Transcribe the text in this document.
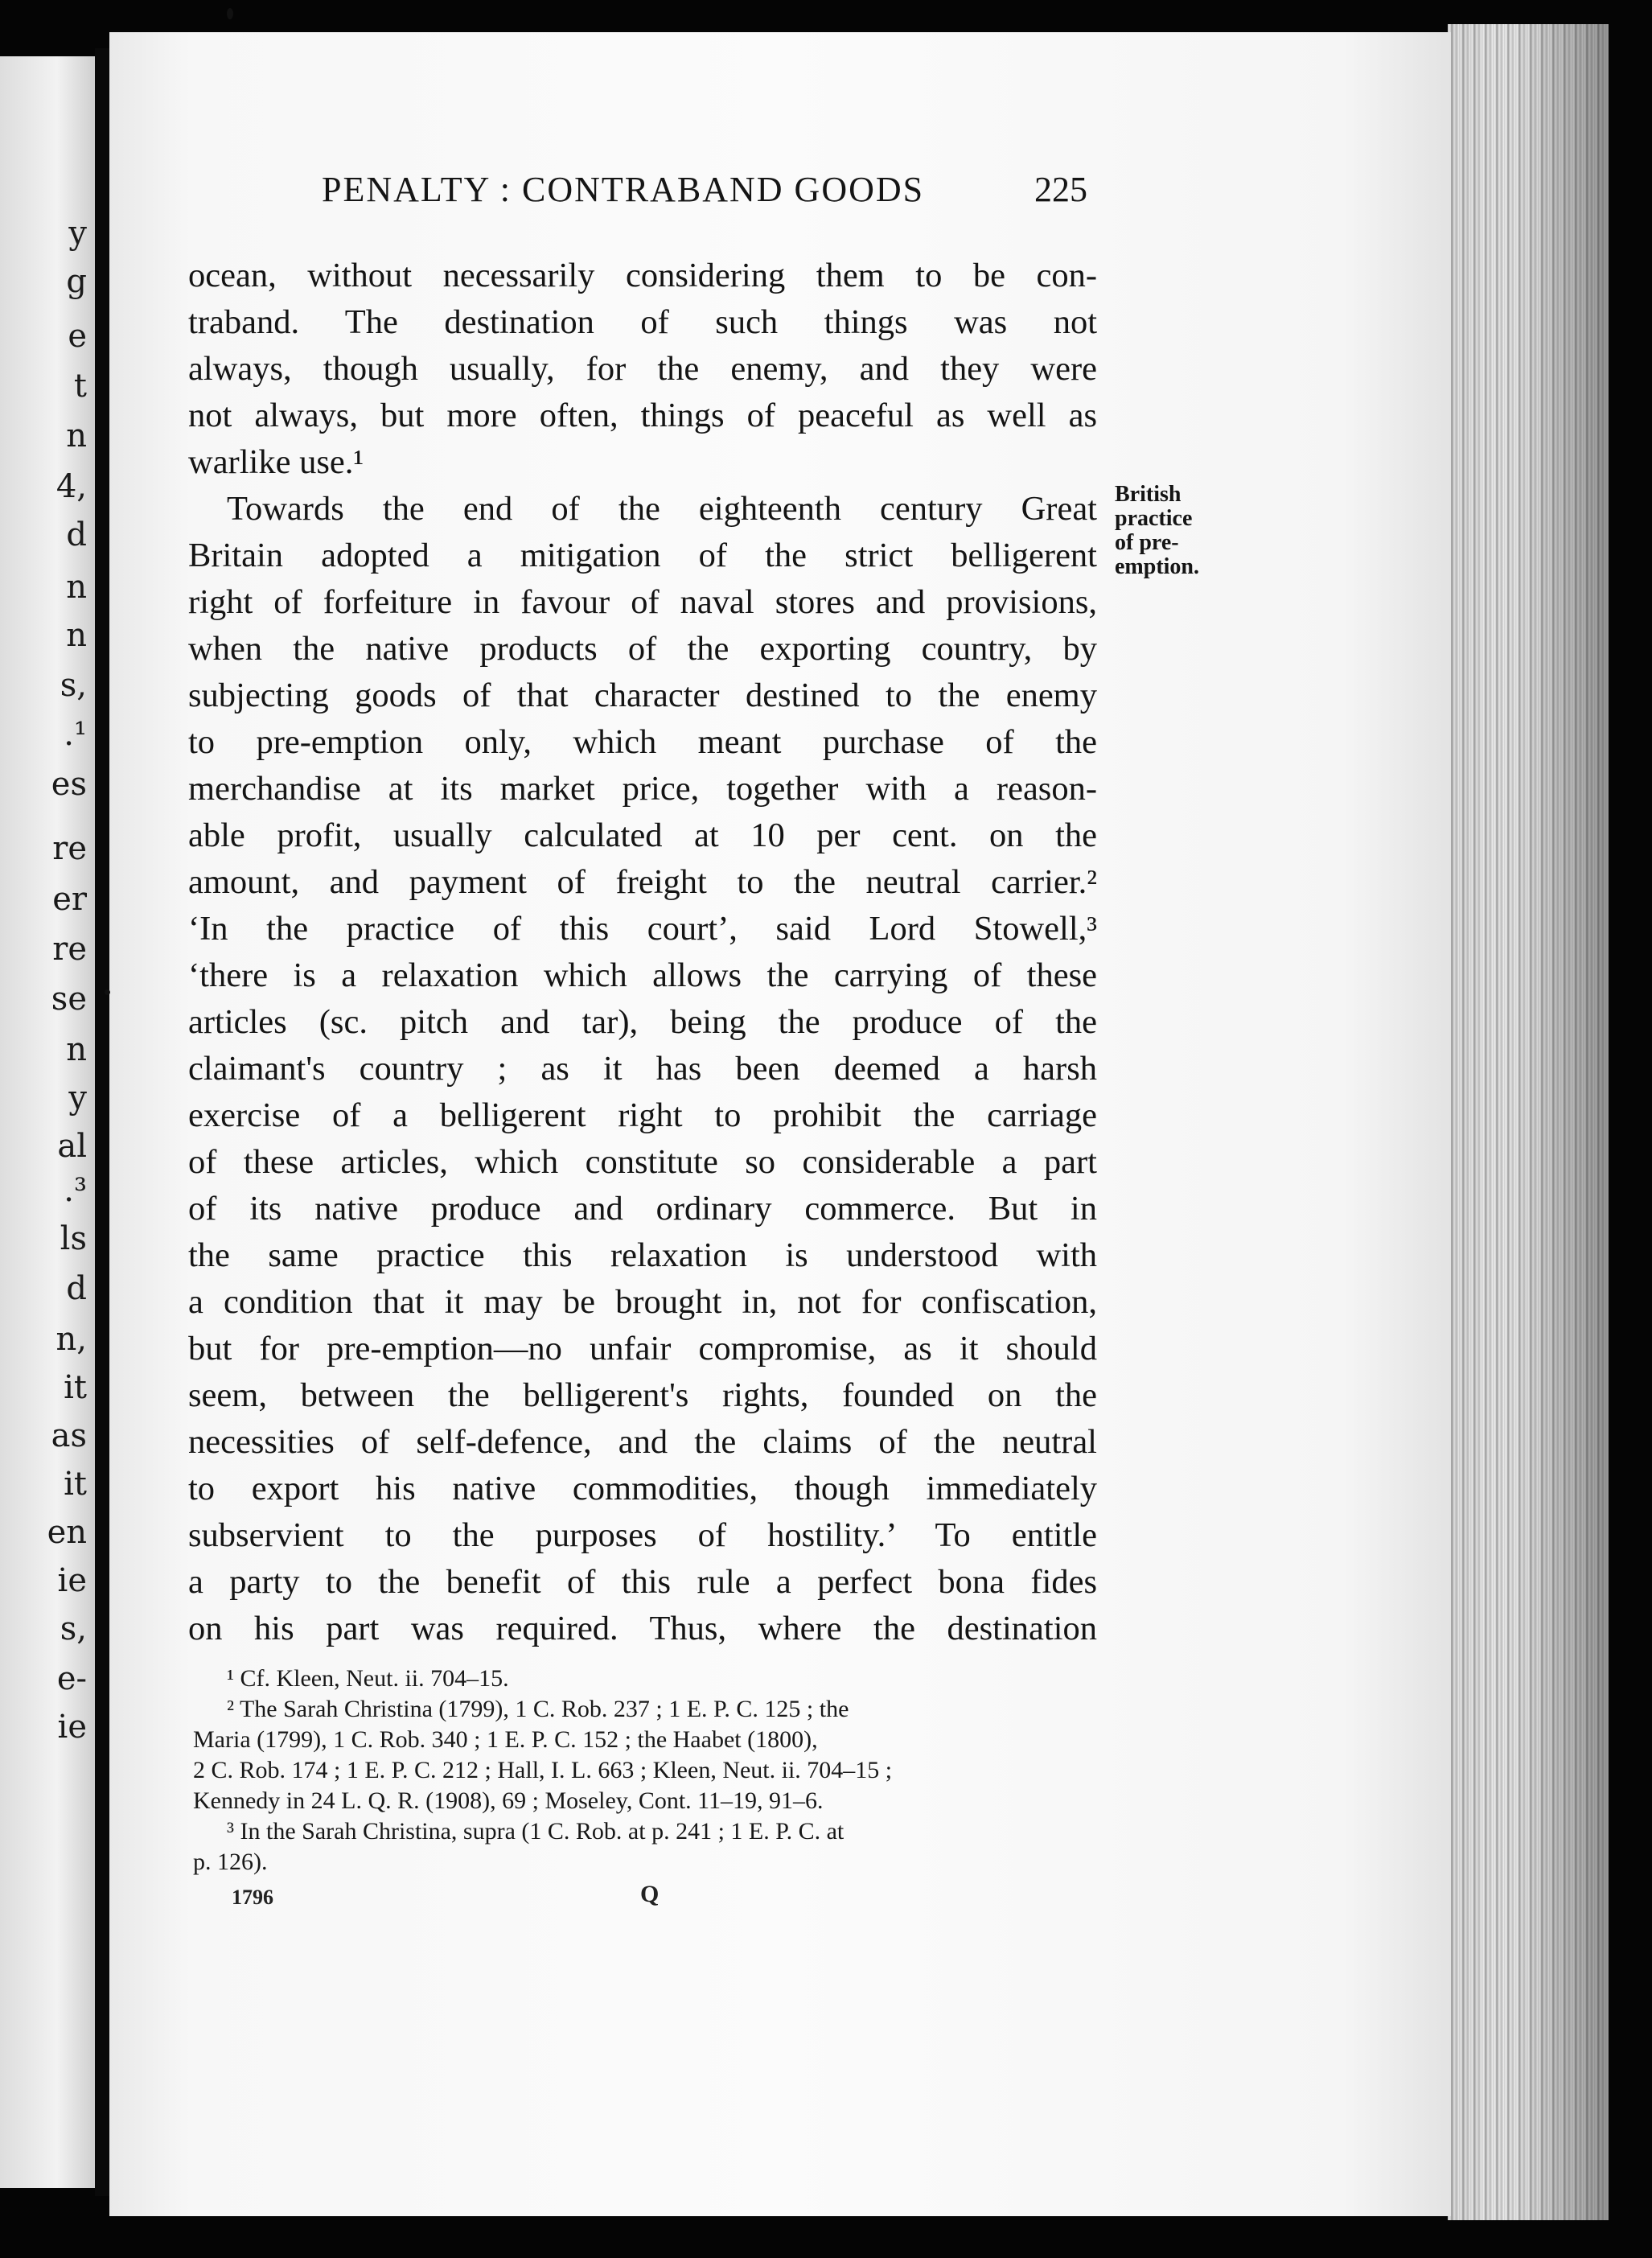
y
g
e
t
n
4,
d
n
n
s,
.¹
es
re
er
re
se
n
y
al
.³
ls
d
n,
it
as
it
en
ie
s,
e-
ie
PENALTY : CONTRABAND GOODS	225
ocean, without necessarily considering them to be con-
traband. The destination of such things was not
always, though usually, for the enemy, and they were
not always, but more often, things of peaceful as well as
warlike use.¹
Towards the end of the eighteenth century Great
Britain adopted a mitigation of the strict belligerent
right of forfeiture in favour of naval stores and provisions,
when the native products of the exporting country, by
subjecting goods of that character destined to the enemy
to pre-emption only, which meant purchase of the
merchandise at its market price, together with a reason-
able profit, usually calculated at 10 per cent. on the
amount, and payment of freight to the neutral carrier.²
‘In the practice of this court’, said Lord Stowell,³
‘there is a relaxation which allows the carrying of these
articles (sc. pitch and tar), being the produce of the
claimant's country ; as it has been deemed a harsh
exercise of a belligerent right to prohibit the carriage
of these articles, which constitute so considerable a part
of its native produce and ordinary commerce. But in
the same practice this relaxation is understood with
a condition that it may be brought in, not for confiscation,
but for pre-emption—no unfair compromise, as it should
seem, between the belligerent's rights, founded on the
necessities of self-defence, and the claims of the neutral
to export his native commodities, though immediately
subservient to the purposes of hostility.’ To entitle
a party to the benefit of this rule a perfect bona fides
on his part was required. Thus, where the destination
British
practice
of pre-
emption.
¹ Cf. Kleen, Neut. ii. 704–15.
² The Sarah Christina (1799), 1 C. Rob. 237 ; 1 E. P. C. 125 ; the
Maria (1799), 1 C. Rob. 340 ; 1 E. P. C. 152 ; the Haabet (1800),
2 C. Rob. 174 ; 1 E. P. C. 212 ; Hall, I. L. 663 ; Kleen, Neut. ii. 704–15 ;
Kennedy in 24 L. Q. R. (1908), 69 ; Moseley, Cont. 11–19, 91–6.
³ In the Sarah Christina, supra (1 C. Rob. at p. 241 ; 1 E. P. C. at
p. 126).
1796	Q
